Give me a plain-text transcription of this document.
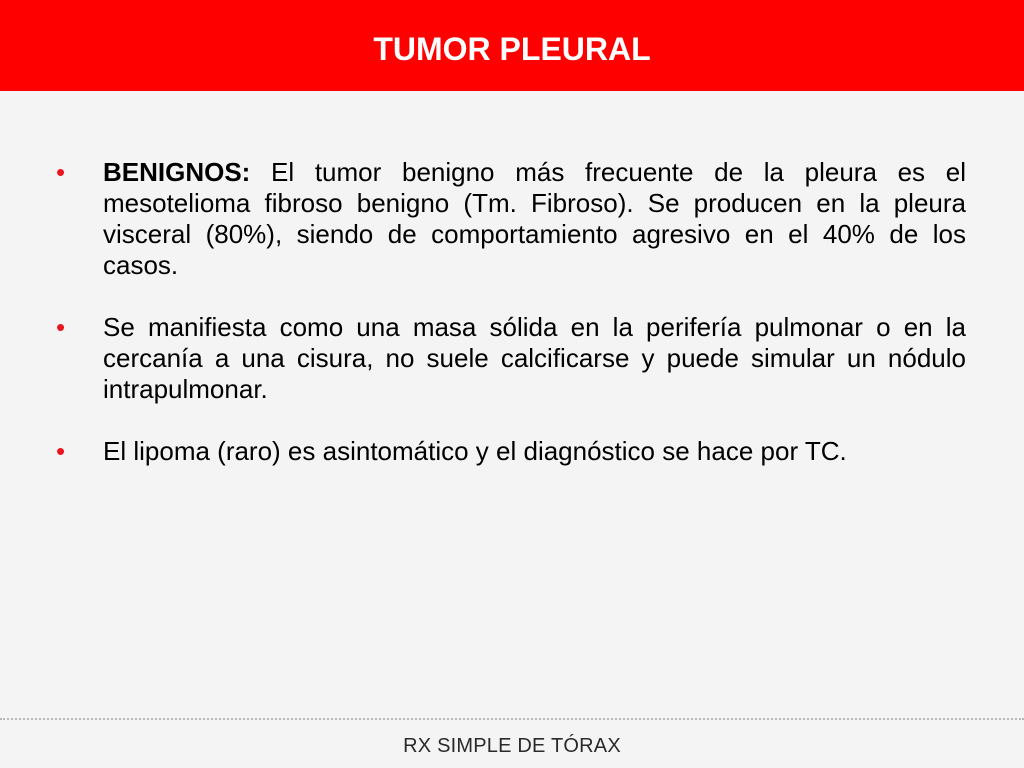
TUMOR PLEURAL

• BENIGNOS: El tumor benigno más frecuente de la pleura es el mesotelioma fibroso benigno (Tm. Fibroso). Se producen en la pleura visceral (80%), siendo de comportamiento agresivo en el 40% de los casos.

• Se manifiesta como una masa sólida en la perifería pulmonar o en la cercanía a una cisura, no suele calcificarse y puede simular un nódulo intrapulmonar.

• El lipoma (raro) es asintomático y el diagnóstico se hace por TC.

RX SIMPLE DE TÓRAX
